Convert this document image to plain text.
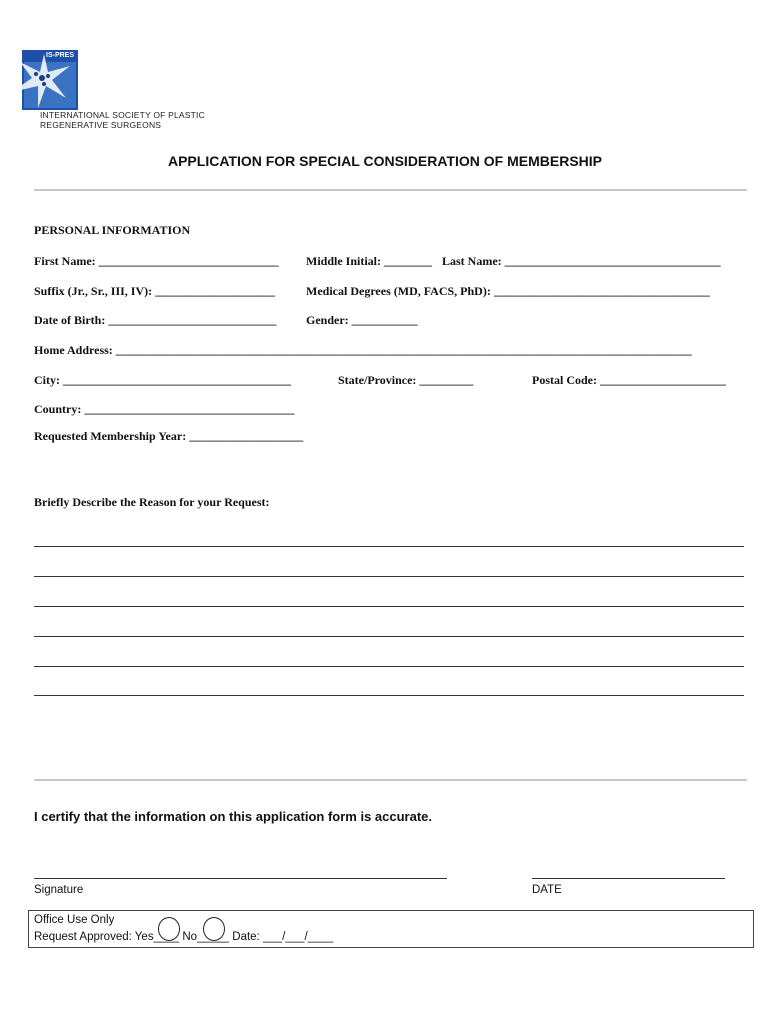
IS-PRES
INTERNATIONAL SOCIETY OF PLASTIC
REGENERATIVE SURGEONS
APPLICATION FOR SPECIAL CONSIDERATION OF MEMBERSHIP
PERSONAL INFORMATION
First Name: ______________________________ Middle Initial: ________ Last Name: ____________________________________
Suffix (Jr., Sr., III, IV): ____________________	Medical Degrees (MD, FACS, PhD): ____________________________________
Date of Birth: ____________________________ Gender: ___________
Home Address: ________________________________________________________________________________________________
City: ______________________________________	State/Province: _________	Postal Code: _____________________
Country: ___________________________________
Requested Membership Year: ___________________
Briefly Describe the Reason for your Request:
I certify that the information on this application form is accurate.
Signature	DATE
Office Use Only
Request Approved: Yes____ No_____ Date: ___/___/____
